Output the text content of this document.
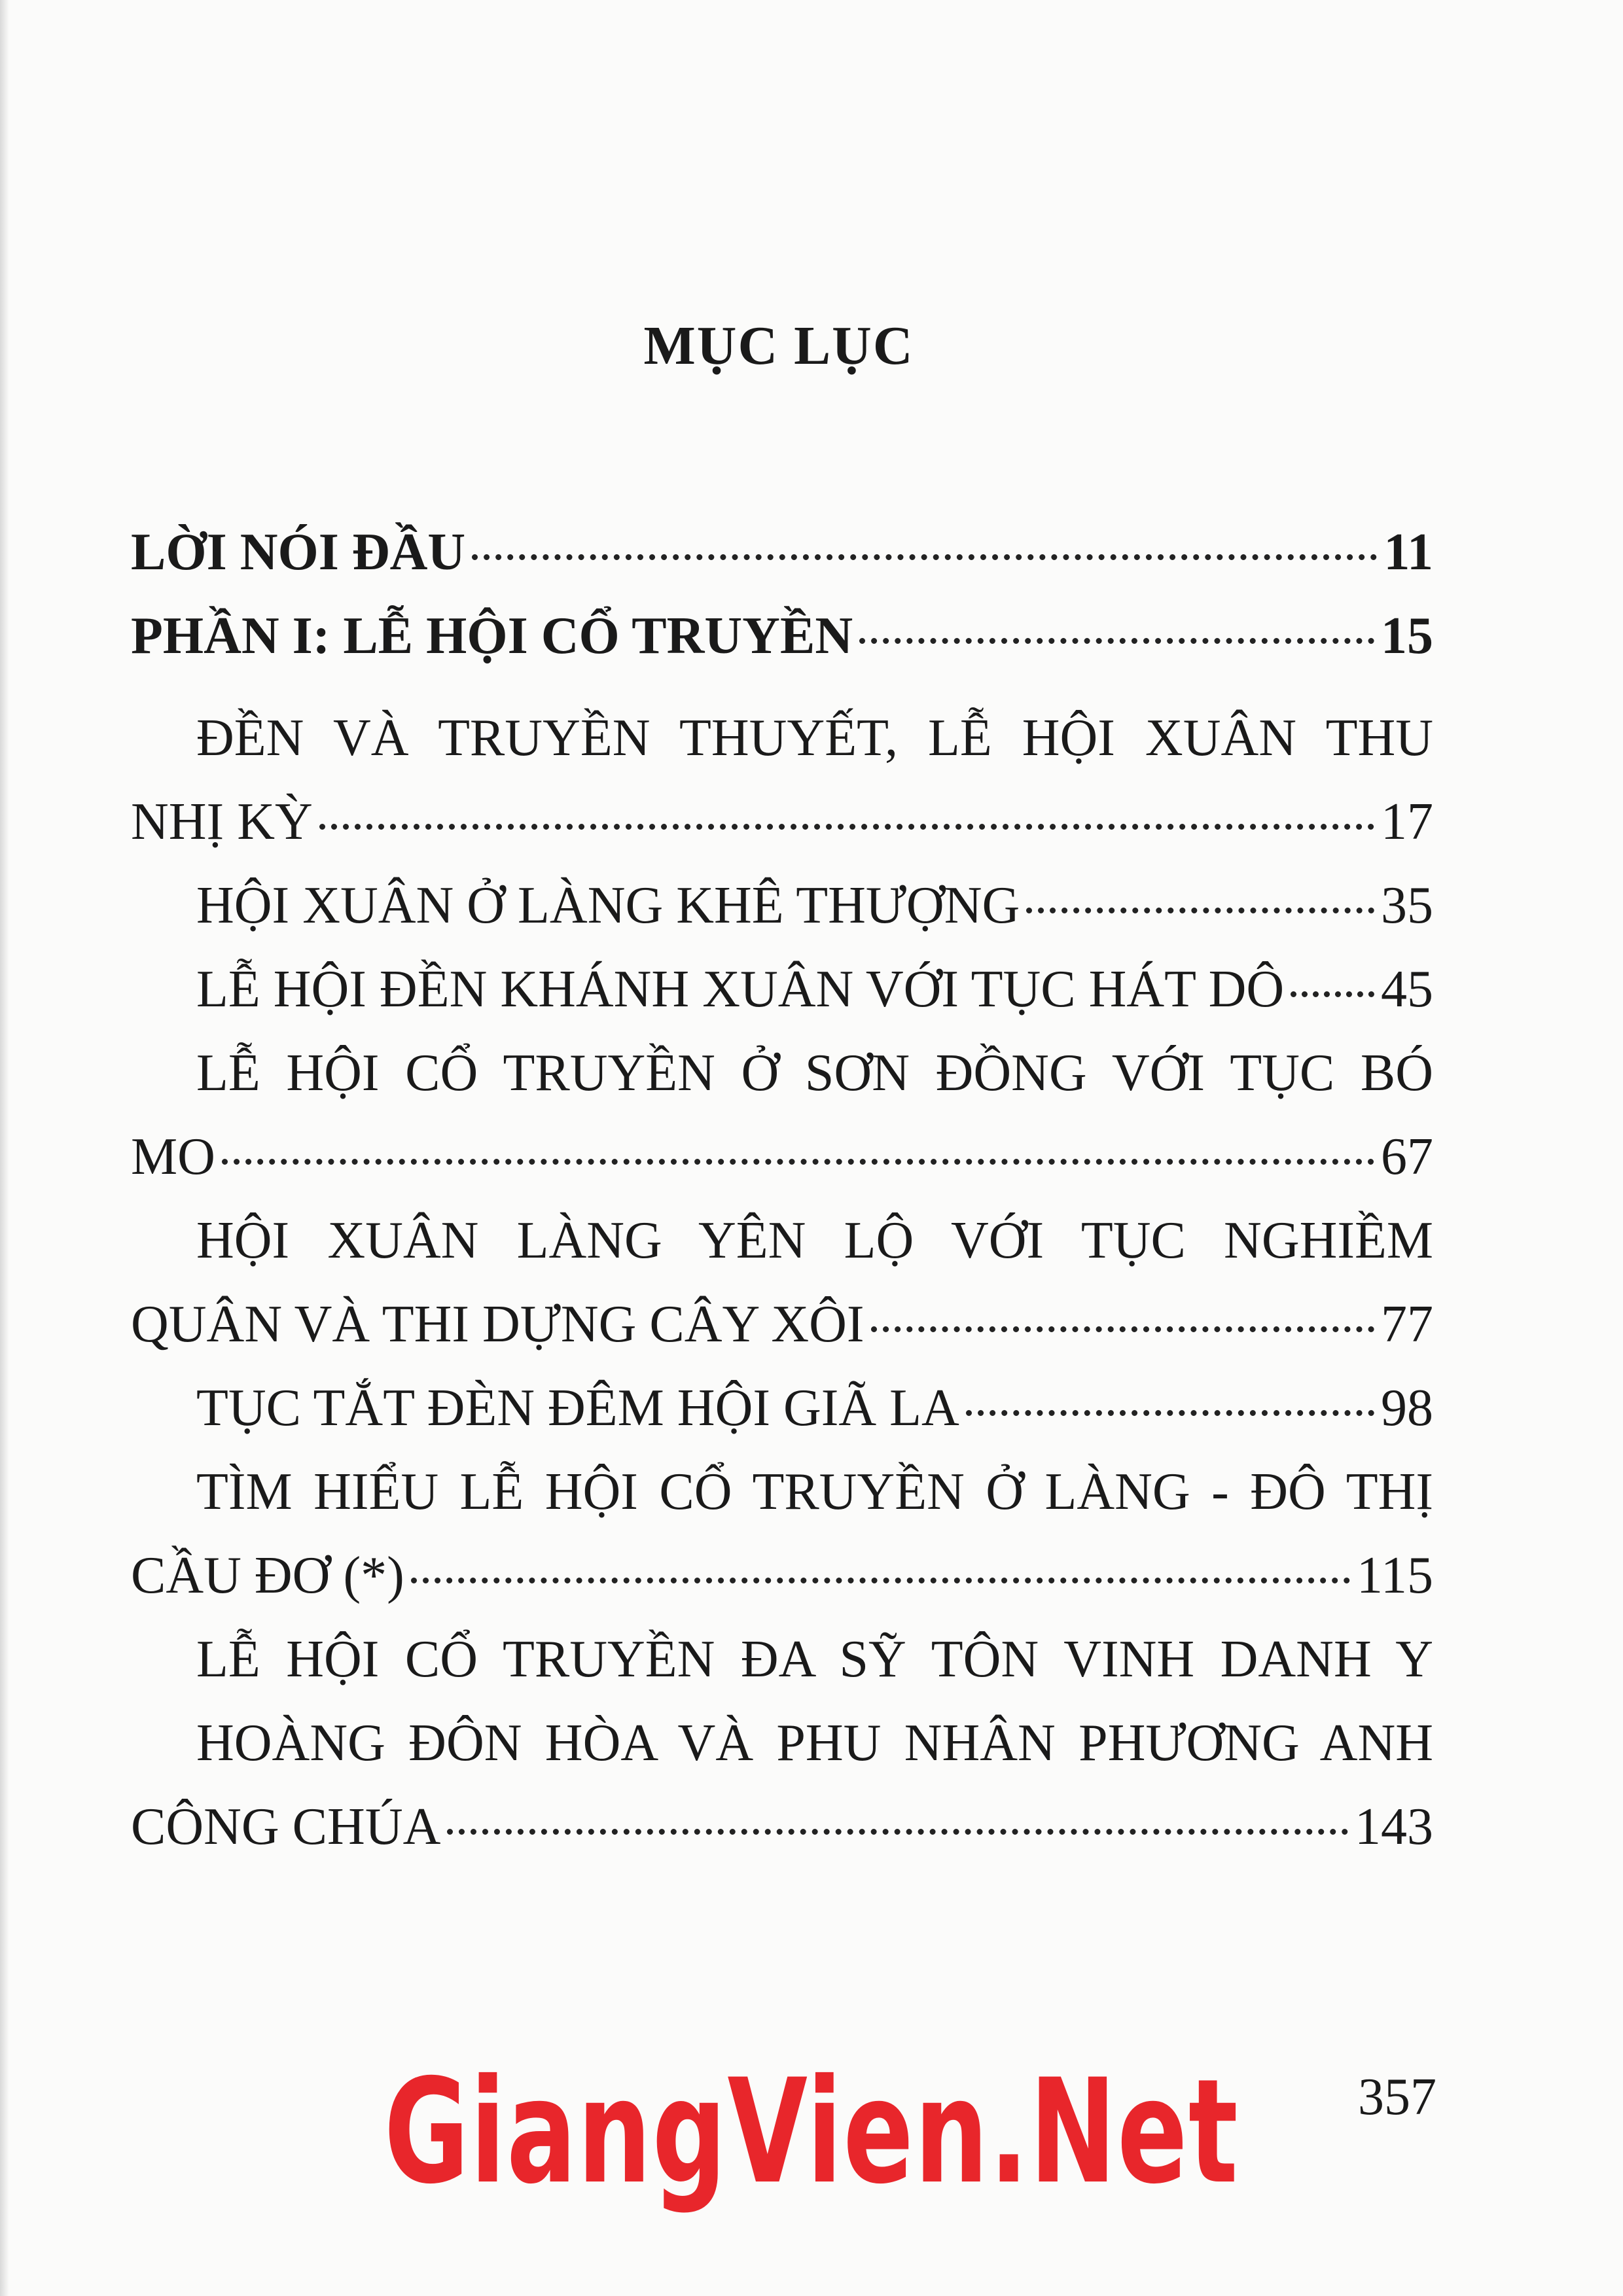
MỤC LỤC
LỜI NÓI ĐẦU	11
PHẦN I: LỄ HỘI CỔ TRUYỀN	15
ĐỀN VÀ TRUYỀN THUYẾT, LỄ HỘI XUÂN THU
NHỊ KỲ	17
HỘI XUÂN Ở LÀNG KHÊ THƯỢNG	35
LỄ HỘI ĐỀN KHÁNH XUÂN VỚI TỤC HÁT DÔ 45
LỄ HỘI CỔ TRUYỀN Ở SƠN ĐỒNG VỚI TỤC BÓ
MO	67
HỘI XUÂN LÀNG YÊN LỘ VỚI TỤC NGHIỀM
QUÂN VÀ THI DỰNG CÂY XÔI	77
TỤC TẮT ĐÈN ĐÊM HỘI GIÃ LA	98
TÌM HIỂU LỄ HỘI CỔ TRUYỀN Ở LÀNG - ĐÔ THỊ
CẦU ĐƠ (*)	115
LỄ HỘI CỔ TRUYỀN ĐA SỸ TÔN VINH DANH Y
HOÀNG ĐÔN HÒA VÀ PHU NHÂN PHƯƠNG ANH
CÔNG CHÚA	143
357
GiangVien.Net
